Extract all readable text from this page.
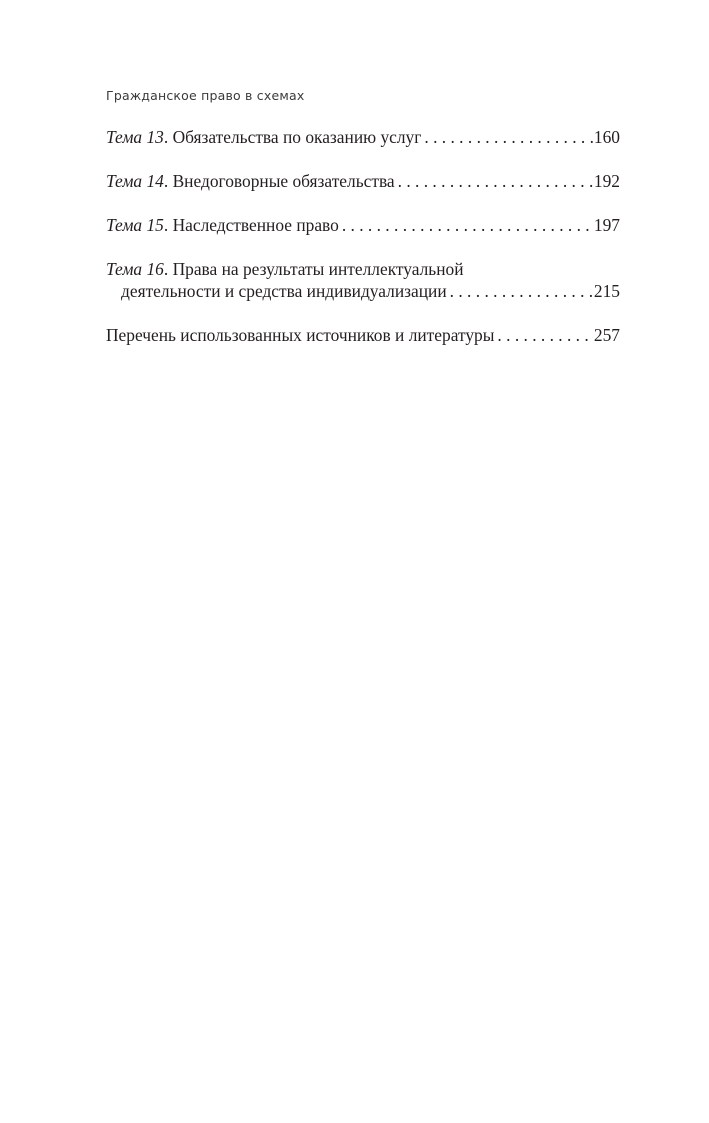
Гражданское право в схемах
Тема 13 . Обязательства по оказанию услуг . . .	160
Тема 14 . Внедоговорные обязательства . . .	192
Тема 15 . Наследственное право . . .	197
Тема 16 . Права на результаты интеллектуальной
деятельности и средства индивидуализации . . .	215
Перечень использованных источников и литературы . . .	257
